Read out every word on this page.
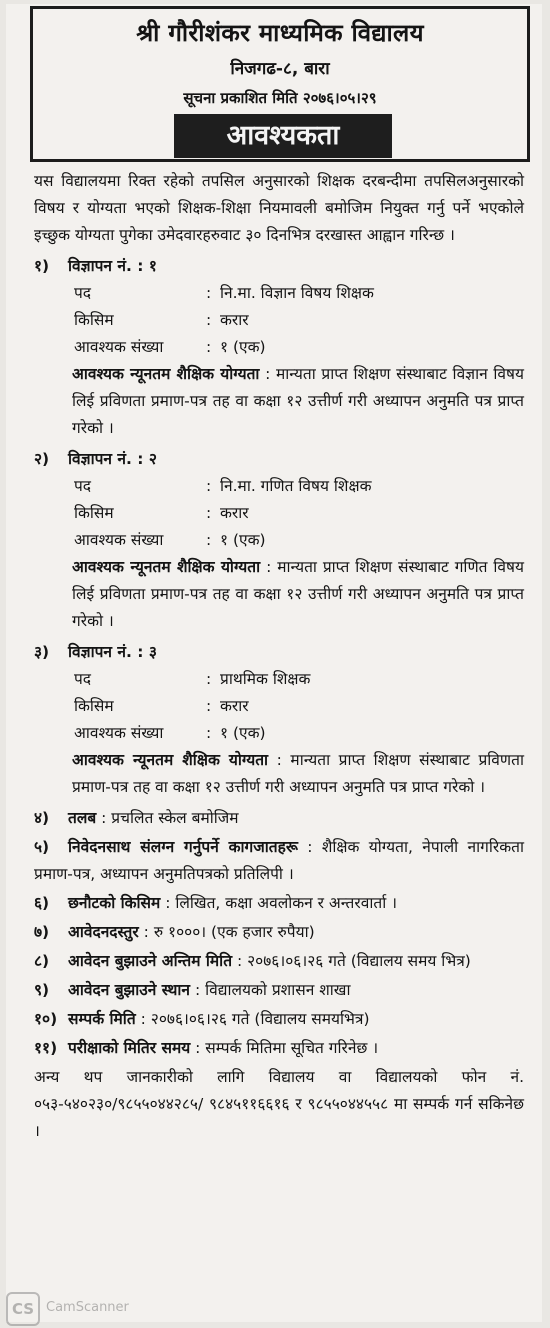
श्री गौरीशंकर माध्यमिक विद्यालय
निजगढ-८, बारा
सूचना प्रकाशित मिति २०७६।०५।२९
आवश्यकता

यस विद्यालयमा रिक्त रहेको तपसिल अनुसारको शिक्षक दरबन्दीमा तपसिलअनुसारको विषय र योग्यता भएको शिक्षक-शिक्षा नियमावली बमोजिम नियुक्त गर्नु पर्ने भएकोले इच्छुक योग्यता पुगेका उमेदवारहरुवाट ३० दिनभित्र दरखास्त आह्वान गरिन्छ ।

१) विज्ञापन नं. : १
पद	: नि.मा. विज्ञान विषय शिक्षक
किसिम	: करार
आवश्यक संख्या	: १ (एक)
आवश्यक न्यूनतम शैक्षिक योग्यता : मान्यता प्राप्त शिक्षण संस्थाबाट विज्ञान विषय लिई प्रविणता प्रमाण-पत्र तह वा कक्षा १२ उत्तीर्ण गरी अध्यापन अनुमति पत्र प्राप्त गरेको ।
२) विज्ञापन नं. : २
पद	: नि.मा. गणित विषय शिक्षक
किसिम	: करार
आवश्यक संख्या	: १ (एक)
आवश्यक न्यूनतम शैक्षिक योग्यता : मान्यता प्राप्त शिक्षण संस्थाबाट गणित विषय लिई प्रविणता प्रमाण-पत्र तह वा कक्षा १२ उत्तीर्ण गरी अध्यापन अनुमति पत्र प्राप्त गरेको ।
३) विज्ञापन नं. : ३
पद	: प्राथमिक शिक्षक
किसिम	: करार
आवश्यक संख्या	: १ (एक)
आवश्यक न्यूनतम शैक्षिक योग्यता : मान्यता प्राप्त शिक्षण संस्थाबाट प्रविणता प्रमाण-पत्र तह वा कक्षा १२ उत्तीर्ण गरी अध्यापन अनुमति पत्र प्राप्त गरेको ।
४) तलब : प्रचलित स्केल बमोजिम
५) निवेदनसाथ संलग्न गर्नुपर्ने कागजातहरू : शैक्षिक योग्यता, नेपाली नागरिकता प्रमाण-पत्र, अध्यापन अनुमतिपत्रको प्रतिलिपी ।
६) छनौटको किसिम : लिखित, कक्षा अवलोकन र अन्तरवार्ता ।
७) आवेदनदस्तुर : रु १०००। (एक हजार रुपैया)
८) आवेदन बुझाउने अन्तिम मिति : २०७६।०६।२६ गते (विद्यालय समय भित्र)
९) आवेदन बुझाउने स्थान : विद्यालयको प्रशासन शाखा
१०) सम्पर्क मिति : २०७६।०६।२६ गते (विद्यालय समयभित्र)
११) परीक्षाको मितिर समय : सम्पर्क मितिमा सूचित गरिनेछ ।
अन्य थप जानकारीको लागि विद्यालय वा विद्यालयको फोन नं. ०५३-५४०२३०/९८५५०४४२८५/ ९८४५११६६१६ र ९८५५०४४५५८ मा सम्पर्क गर्न सकिनेछ ।
CS CamScanner
